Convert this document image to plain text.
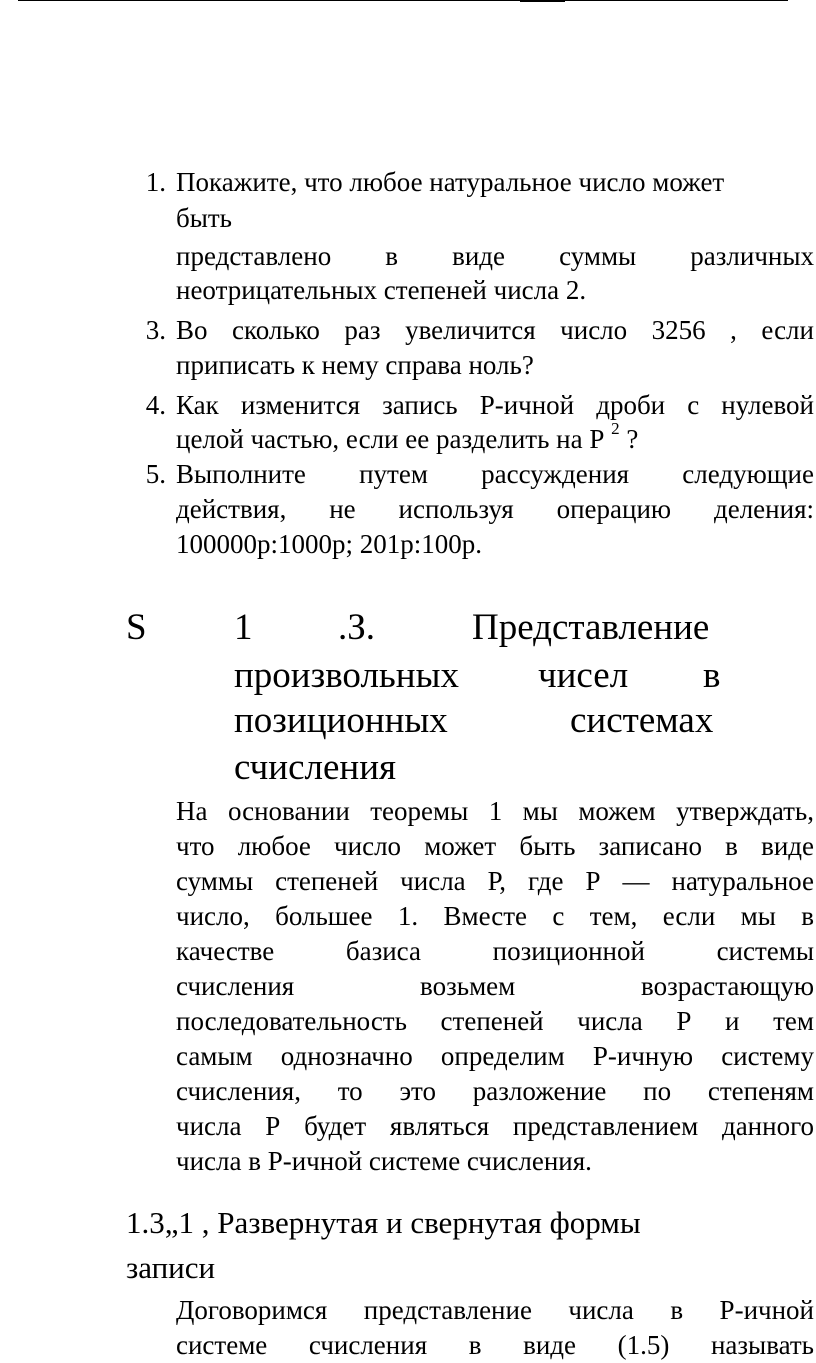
1. Покажите, что любое натуральное число может

быть

представлено в виде суммы различных

неотрицательных степеней числа 2.

3. Во сколько раз увеличится число 3256 , если

приписать к нему справа ноль?

4. Как изменится запись Р-ичной дроби с нулевой

целой частью, если ее разделить на Р $^2$ ?

5. Выполните путем рассуждения следующие

действия, не используя операцию деления:

100000р:1000р; 201р:100р.

S 1 .З.	Представление
произвольных чисел в
позиционных	системах
счисления

На основании теоремы 1 мы можем утверждать,

что любое число может быть записано в виде

суммы степеней числа Р, где Р — натуральное

число, большее 1. Вместе с тем, если мы в

качестве базиса позиционной системы

счисления возьмем возрастающую

последовательность степеней числа Р и тем

самым однозначно определим Р-ичную систему

счисления, то это разложение по степеням

числа Р будет являться представлением данного

числа в Р-ичной системе счисления.

1.3„1 , Развернутая и свернутая формы
записи

Договоримся представление числа в Р-ичной

системе счисления в виде (1.5) называть
